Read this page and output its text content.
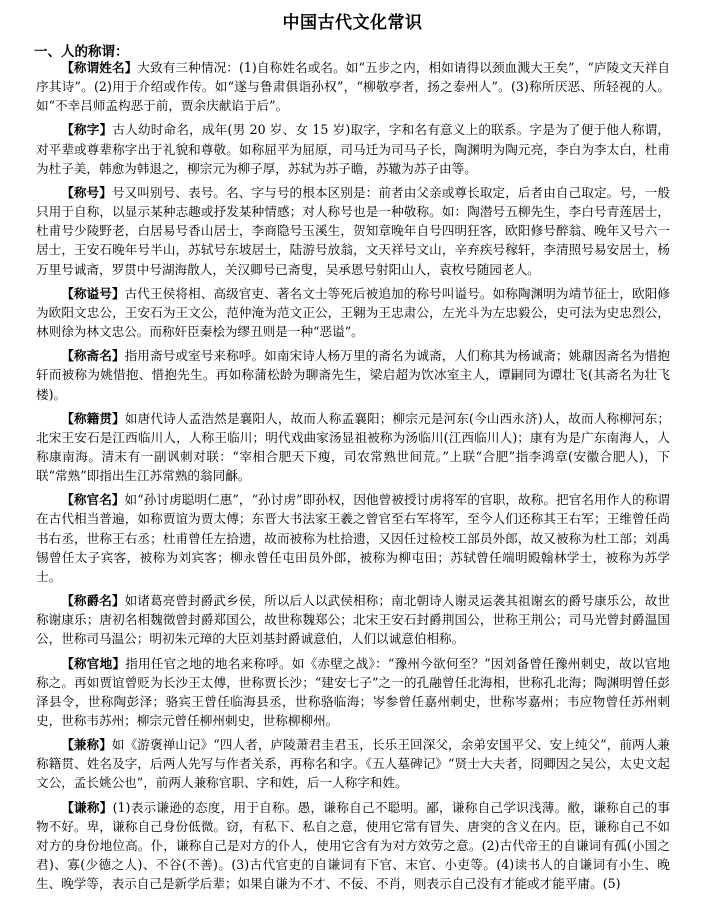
中国古代文化常识
一、人的称谓：

【称谓姓名】大致有三种情况：(1)自称姓名或名。如“五步之内，相如请得以颈血溅大王矣”，“庐陵文天祥自序其诗”。(2)用于介绍或作传。如“遂与鲁肃俱诣孙权”，“柳敬亭者，扬之泰州人”。(3)称所厌恶、所轻视的人。如“不幸吕师孟构恶于前，贾余庆献谄于后”。

【称字】古人幼时命名，成年(男 20 岁、女 15 岁)取字，字和名有意义上的联系。字是为了便于他人称谓，对平辈或尊辈称字出于礼貌和尊敬。如称屈平为屈原，司马迁为司马子长，陶渊明为陶元亮，李白为李太白，杜甫为杜子美，韩愈为韩退之，柳宗元为柳子厚，苏轼为苏子瞻，苏辙为苏子由等。

【称号】号又叫别号、表号。名、字与号的根本区别是：前者由父亲或尊长取定，后者由自己取定。号，一般只用于自称，以显示某种志趣或抒发某种情感；对人称号也是一种敬称。如：陶潜号五柳先生，李白号青莲居士，杜甫号少陵野老，白居易号香山居士，李商隐号玉溪生，贺知章晚年自号四明狂客，欧阳修号醉翁、晚年又号六一居士，王安石晚年号半山，苏轼号东坡居士，陆游号放翁，文天祥号文山，辛弃疾号稼轩，李清照号易安居士，杨万里号诚斋，罗贯中号湖海散人，关汉卿号已斋叟，吴承恩号射阳山人，袁枚号随园老人。

【称谥号】古代王侯将相、高级官吏、著名文士等死后被追加的称号叫谥号。如称陶渊明为靖节征士，欧阳修为欧阳文忠公，王安石为王文公，范仲淹为范文正公，王翱为王忠肃公，左光斗为左忠毅公，史可法为史忠烈公，林则徐为林文忠公。而称奸臣秦桧为缪丑则是一种“恶谥”。

【称斋名】指用斋号或室号来称呼。如南宋诗人杨万里的斋名为诚斋，人们称其为杨诚斋；姚鼐因斋名为惜抱轩而被称为姚惜抱、惜抱先生。再如称蒲松龄为聊斋先生，梁启超为饮冰室主人，谭嗣同为谭壮飞(其斋名为壮飞楼)。

【称籍贯】如唐代诗人孟浩然是襄阳人，故而人称孟襄阳；柳宗元是河东(今山西永济)人，故而人称柳河东；北宋王安石是江西临川人，人称王临川；明代戏曲家汤显祖被称为汤临川(江西临川人)；康有为是广东南海人，人称康南海。清末有一副讽刺对联：“宰相合肥天下瘦，司农常熟世间荒。”上联“合肥”指李鸿章(安徽合肥人)，下联“常熟”即指出生江苏常熟的翁同龢。

【称官名】如“孙讨虏聪明仁惠”，“孙讨虏”即孙权，因他曾被授讨虏将军的官职，故称。把官名用作人的称谓在古代相当普遍，如称贾谊为贾太傅；东晋大书法家王羲之曾官至右军将军，至今人们还称其王右军；王维曾任尚书右丞，世称王右丞；杜甫曾任左拾遗，故而被称为杜拾遗，又因任过检校工部员外郎，故又被称为杜工部；刘禹锡曾任太子宾客，被称为刘宾客；柳永曾任屯田员外郎，被称为柳屯田；苏轼曾任端明殿翰林学士，被称为苏学士。

【称爵名】如诸葛亮曾封爵武乡侯，所以后人以武侯相称；南北朝诗人谢灵运袭其祖谢玄的爵号康乐公，故世称谢康乐；唐初名相魏徵曾封爵郑国公，故世称魏郑公；北宋王安石封爵荆国公，世称王荆公；司马光曾封爵温国公，世称司马温公；明初朱元璋的大臣刘基封爵诚意伯，人们以诚意伯相称。

【称官地】指用任官之地的地名来称呼。如《赤壁之战》：“豫州今欲何至？”因刘备曾任豫州刺史，故以官地称之。再如贾谊曾贬为长沙王太傅，世称贾长沙；“建安七子”之一的孔融曾任北海相，世称孔北海；陶渊明曾任彭泽县令，世称陶彭泽；骆宾王曾任临海县丞，世称骆临海；岑参曾任嘉州刺史，世称岑嘉州；韦应物曾任苏州刺史，世称韦苏州；柳宗元曾任柳州刺史，世称柳柳州。

【兼称】如《游褒禅山记》“四人者，庐陵萧君圭君玉，长乐王回深父，余弟安国平父、安上纯父”，前两人兼称籍贯、姓名及字，后两人先写与作者关系，再称名和字。《五人墓碑记》“贤士大夫者，冏卿因之吴公，太史文起文公，孟长姚公也”，前两人兼称官职、字和姓，后一人称字和姓。

【谦称】(1)表示谦逊的态度，用于自称。愚，谦称自己不聪明。鄙，谦称自己学识浅薄。敝，谦称自己的事物不好。卑，谦称自己身份低微。窃，有私下、私自之意，使用它常有冒失、唐突的含义在内。臣，谦称自己不如对方的身份地位高。仆，谦称自己是对方的仆人，使用它含有为对方效劳之意。(2)古代帝王的自谦词有孤(小国之君)、寡(少德之人)、不谷(不善)。(3)古代官吏的自谦词有下官、末官、小吏等。(4)读书人的自谦词有小生、晚生、晚学等，表示自己是新学后辈；如果自谦为不才、不佞、不肖，则表示自己没有才能或才能平庸。(5)
